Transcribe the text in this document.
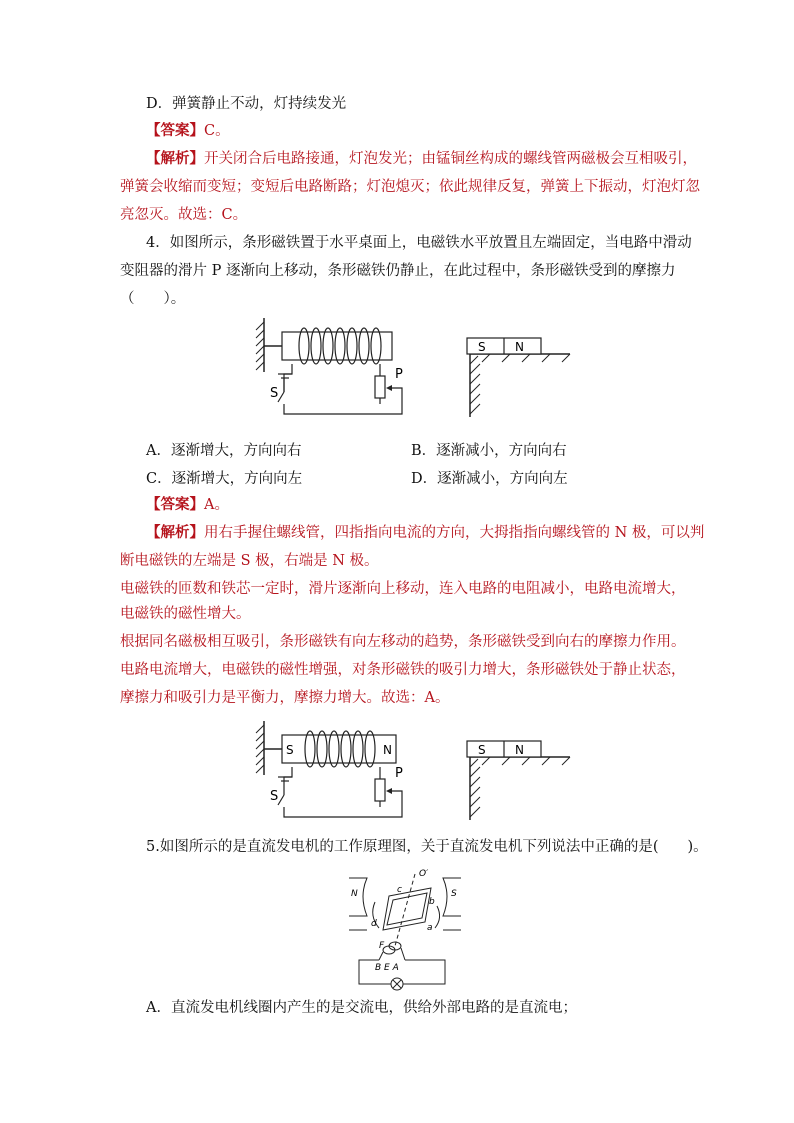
D．弹簧静止不动，灯持续发光
【答案】C。
【解析】开关闭合后电路接通，灯泡发光；由锰铜丝构成的螺线管两磁极会互相吸引，
弹簧会收缩而变短；变短后电路断路；灯泡熄灭；依此规律反复，弹簧上下振动，灯泡灯忽
亮忽灭。故选：C。
4．如图所示，条形磁铁置于水平桌面上，电磁铁水平放置且左端固定，当电路中滑动
变阻器的滑片 P 逐渐向上移动，条形磁铁仍静止，在此过程中，条形磁铁受到的摩擦力
（　　）。
S
P
S N
A．逐渐增大，方向向右	B．逐渐减小，方向向右
C．逐渐增大，方向向左	D．逐渐减小，方向向左
【答案】A。
【解析】用右手握住螺线管，四指指向电流的方向，大拇指指向螺线管的 N 极，可以判
断电磁铁的左端是 S 极，右端是 N 极。
电磁铁的匝数和铁芯一定时，滑片逐渐向上移动，连入电路的电阻减小，电路电流增大，
电磁铁的磁性增大。
根据同名磁极相互吸引，条形磁铁有向左移动的趋势，条形磁铁受到向右的摩擦力作用。
电路电流增大，电磁铁的磁性增强，对条形磁铁的吸引力增大，条形磁铁处于静止状态，
摩擦力和吸引力是平衡力，摩擦力增大。故选：A。
S	N
S
P
S N
5.如图所示的是直流发电机的工作原理图，关于直流发电机下列说法中正确的是(　　)。
N	S
O′
c
b
d	a
F
B E A
A．直流发电机线圈内产生的是交流电，供给外部电路的是直流电；
